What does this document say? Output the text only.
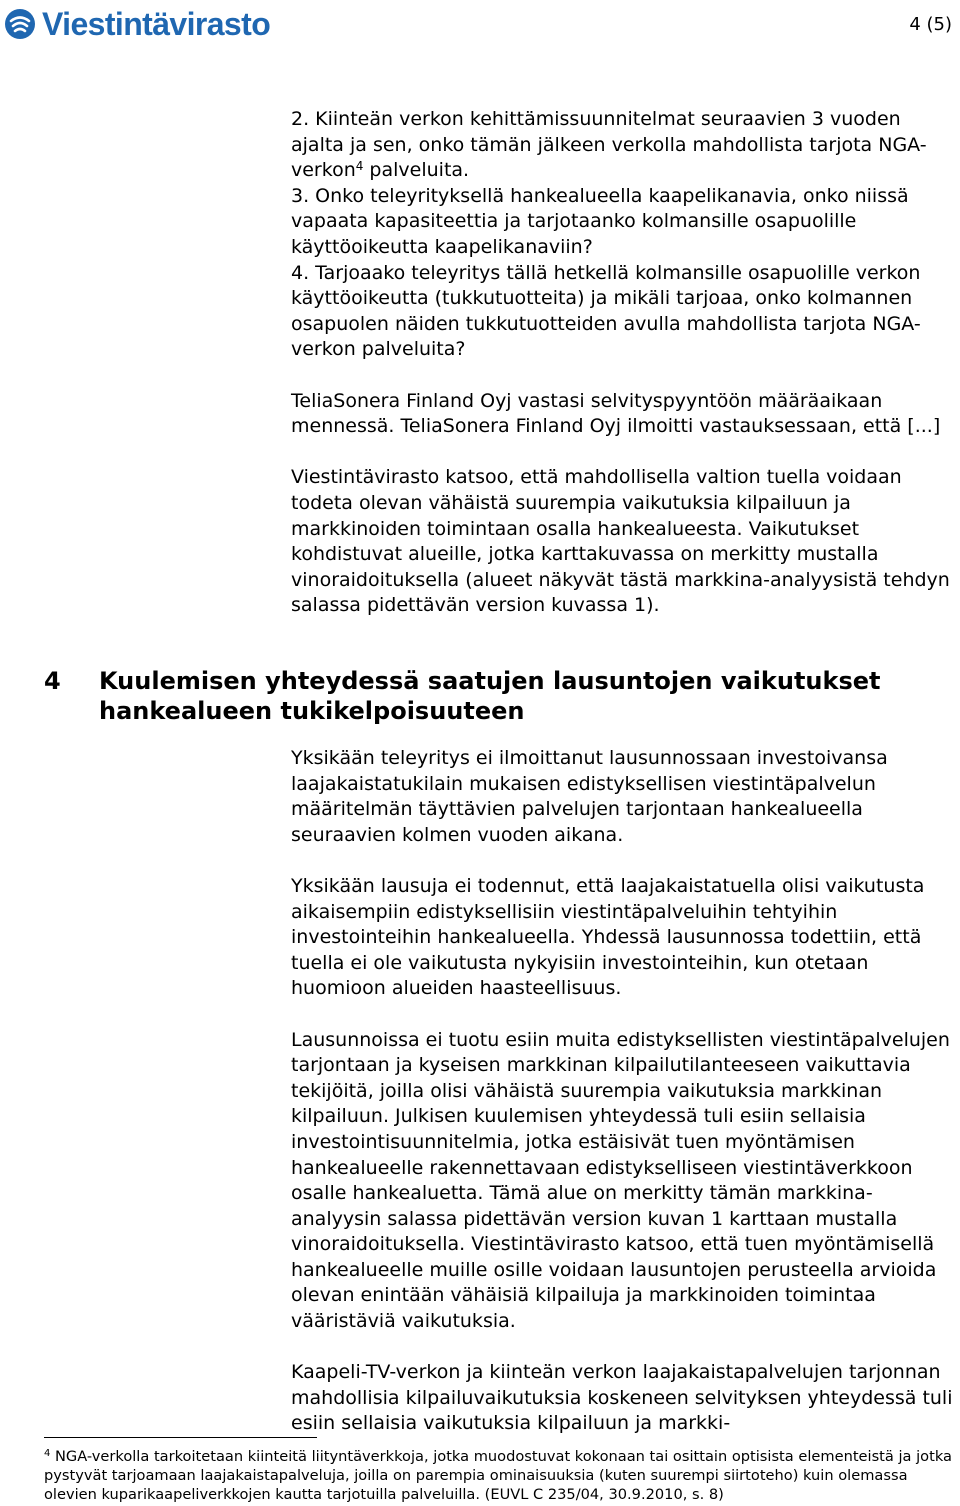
Viestintävirasto	4 (5)

2. Kiinteän verkon kehittämissuunnitelmat seuraavien 3 vuoden ajalta ja sen, onko tämän jälkeen verkolla mahdollista tarjota NGA-verkon$^4$ palveluita.

3. Onko teleyrityksellä hankealueella kaapelikanavia, onko niissä vapaata kapasiteettia ja tarjotaanko kolmansille osapuolille käyttöoikeutta kaapelikanaviin?

4. Tarjoaako teleyritys tällä hetkellä kolmansille osapuolille verkon käyttöoikeutta (tukkutuotteita) ja mikäli tarjoaa, onko kolmannen osapuolen näiden tukkutuotteiden avulla mahdollista tarjota NGA-verkon palveluita?

TeliaSonera Finland Oyj vastasi selvityspyyntöön määräaikaan mennessä. TeliaSonera Finland Oyj ilmoitti vastauksessaan, että [...]

Viestintävirasto katsoo, että mahdollisella valtion tuella voidaan todeta olevan vähäistä suurempia vaikutuksia kilpailuun ja markkinoiden toimintaan osalla hankealueesta. Vaikutukset kohdistuvat alueille, jotka karttakuvassa on merkitty mustalla vinoraidoituksella (alueet näkyvät tästä markkina-analyysistä tehdyn salassa pidettävän version kuvassa 1).

4 Kuulemisen yhteydessä saatujen lausuntojen vaikutukset hankealueen tukikelpoisuuteen

Yksikään teleyritys ei ilmoittanut lausunnossaan investoivansa laajakaistatukilain mukaisen edistyksellisen viestintäpalvelun määritelmän täyttävien palvelujen tarjontaan hankealueella seuraavien kolmen vuoden aikana.

Yksikään lausuja ei todennut, että laajakaistatuella olisi vaikutusta aikaisempiin edistyksellisiin viestintäpalveluihin tehtyihin investointeihin hankealueella. Yhdessä lausunnossa todettiin, että tuella ei ole vaikutusta nykyisiin investointeihin, kun otetaan huomioon alueiden haasteellisuus.

Lausunnoissa ei tuotu esiin muita edistyksellisten viestintäpalvelujen tarjontaan ja kyseisen markkinan kilpailutilanteeseen vaikuttavia tekijöitä, joilla olisi vähäistä suurempia vaikutuksia markkinan kilpailuun. Julkisen kuulemisen yhteydessä tuli esiin sellaisia investointisuunnitelmia, jotka estäisivät tuen myöntämisen hankealueelle rakennettavaan edistykselliseen viestintäverkkoon osalle hankealuetta. Tämä alue on merkitty tämän markkina-analyysin salassa pidettävän version kuvan 1 karttaan mustalla vinoraidoituksella. Viestintävirasto katsoo, että tuen myöntämisellä hankealueelle muille osille voidaan lausuntojen perusteella arvioida olevan enintään vähäisiä kilpailuja ja markkinoiden toimintaa vääristäviä vaikutuksia.

Kaapeli-TV-verkon ja kiinteän verkon laajakaistapalvelujen tarjonnan mahdollisia kilpailuvaikutuksia koskeneen selvityksen yhteydessä tuli esiin sellaisia vaikutuksia kilpailuun ja markki-

$^4$ NGA-verkolla tarkoitetaan kiinteitä liityntäverkkoja, jotka muodostuvat kokonaan tai osittain optisista elementeistä ja jotka pystyvät tarjoamaan laajakaistapalveluja, joilla on parempia ominaisuuksia (kuten suurempi siirtoteho) kuin olemassa olevien kuparikaapeliverkkojen kautta tarjotuilla palveluilla. (EUVL C 235/04, 30.9.2010, s. 8)
